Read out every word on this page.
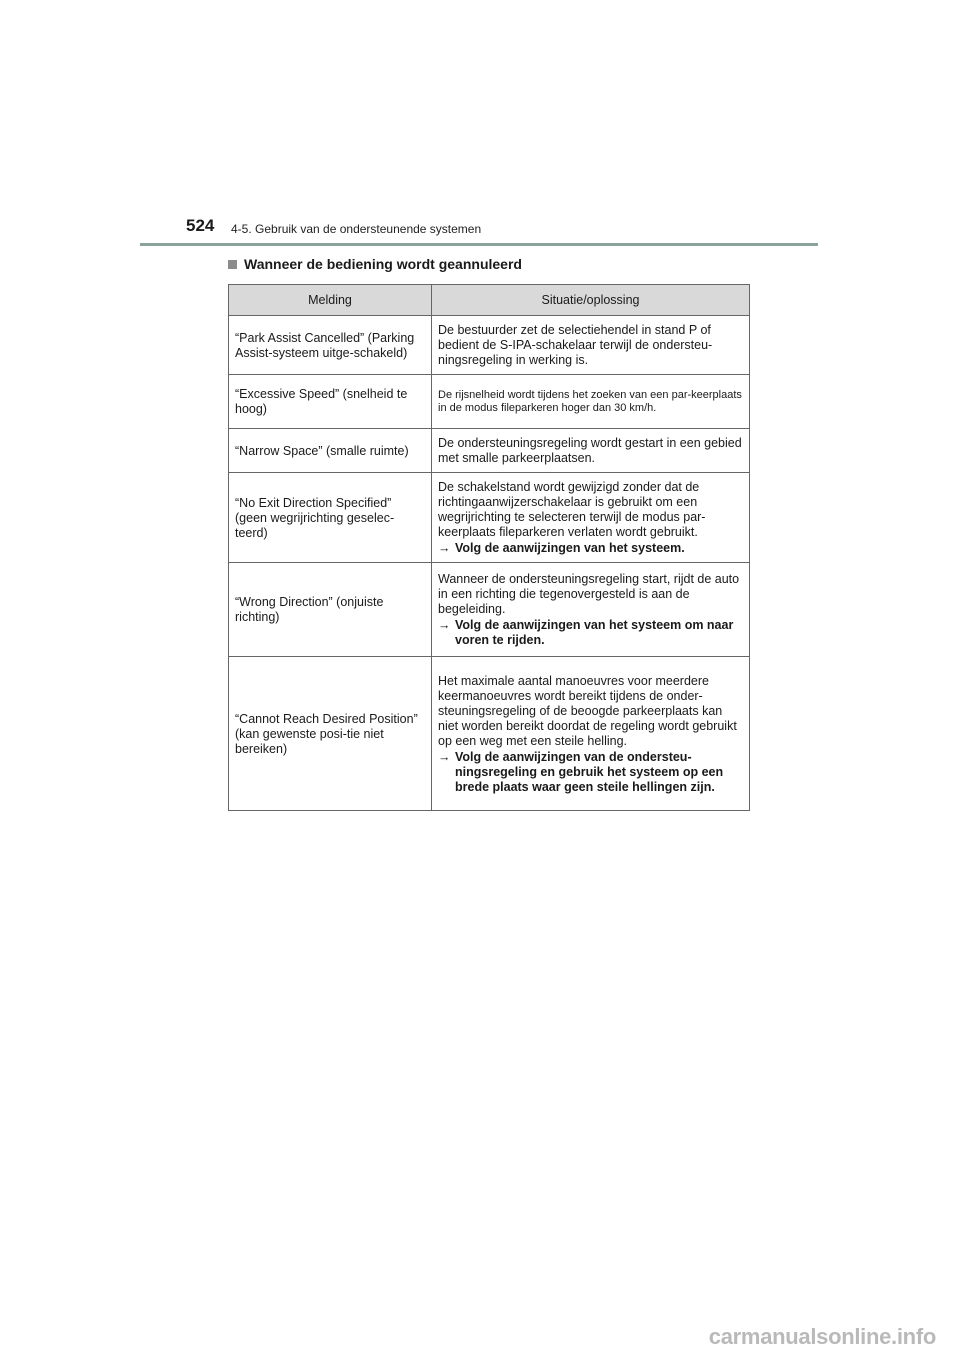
524 4-5. Gebruik van de ondersteunende systemen
Wanneer de bediening wordt geannuleerd
Melding	Situatie/oplossing
“Park Assist Cancelled” (Parking Assist-systeem uitge-schakeld)	De bestuurder zet de selectiehendel in stand P of bedient de S-IPA-schakelaar terwijl de ondersteu-ningsregeling in werking is.

“Excessive Speed” (snelheid te hoog)	De rijsnelheid wordt tijdens het zoeken van een par-keerplaats in de modus fileparkeren hoger dan 30 km/h.

“Narrow Space” (smalle ruimte)	De ondersteuningsregeling wordt gestart in een gebied met smalle parkeerplaatsen.

“No Exit Direction Specified” (geen wegrijrichting geselec-teerd)	De schakelstand wordt gewijzigd zonder dat de richtingaanwijzerschakelaar is gebruikt om een wegrijrichting te selecteren terwijl de modus par-keerplaats fileparkeren verlaten wordt gebruikt.
→ Volg de aanwijzingen van het systeem.

“Wrong Direction” (onjuiste richting)	Wanneer de ondersteuningsregeling start, rijdt de auto in een richting die tegenovergesteld is aan de begeleiding.
→ Volg de aanwijzingen van het systeem om naar voren te rijden.

“Cannot Reach Desired Position” (kan gewenste posi-tie niet bereiken)	Het maximale aantal manoeuvres voor meerdere keermanoeuvres wordt bereikt tijdens de onder-steuningsregeling of de beoogde parkeerplaats kan niet worden bereikt doordat de regeling wordt gebruikt op een weg met een steile helling.
→ Volg de aanwijzingen van de ondersteu-ningsregeling en gebruik het systeem op een brede plaats waar geen steile hellingen zijn.
carmanualsonline.info
